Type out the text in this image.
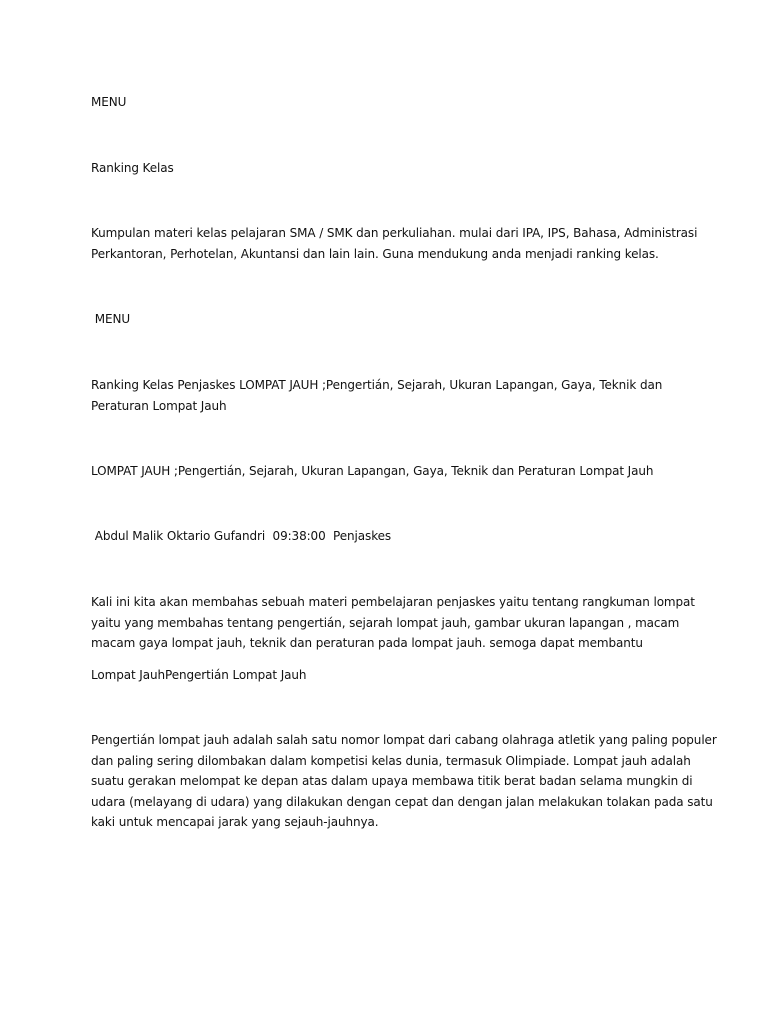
MENU
Ranking Kelas
Kumpulan materi kelas pelajaran SMA / SMK dan perkuliahan. mulai dari IPA, IPS, Bahasa, Administrasi
Perkantoran, Perhotelan, Akuntansi dan lain lain. Guna mendukung anda menjadi ranking kelas.
MENU
Ranking Kelas Penjaskes LOMPAT JAUH ;Pengertián, Sejarah, Ukuran Lapangan, Gaya, Teknik dan
Peraturan Lompat Jauh
LOMPAT JAUH ;Pengertián, Sejarah, Ukuran Lapangan, Gaya, Teknik dan Peraturan Lompat Jauh
Abdul Malik Oktario Gufandri  09:38:00  Penjaskes
Kali ini kita akan membahas sebuah materi pembelajaran penjaskes yaitu tentang rangkuman lompat
yaitu yang membahas tentang pengertián, sejarah lompat jauh, gambar ukuran lapangan , macam
macam gaya lompat jauh, teknik dan peraturan pada lompat jauh. semoga dapat membantu
Lompat JauhPengertián Lompat Jauh
Pengertián lompat jauh adalah salah satu nomor lompat dari cabang olahraga atletik yang paling populer
dan paling sering dilombakan dalam kompetisi kelas dunia, termasuk Olimpiade. Lompat jauh adalah
suatu gerakan melompat ke depan atas dalam upaya membawa titik berat badan selama mungkin di
udara (melayang di udara) yang dilakukan dengan cepat dan dengan jalan melakukan tolakan pada satu
kaki untuk mencapai jarak yang sejauh-jauhnya.
